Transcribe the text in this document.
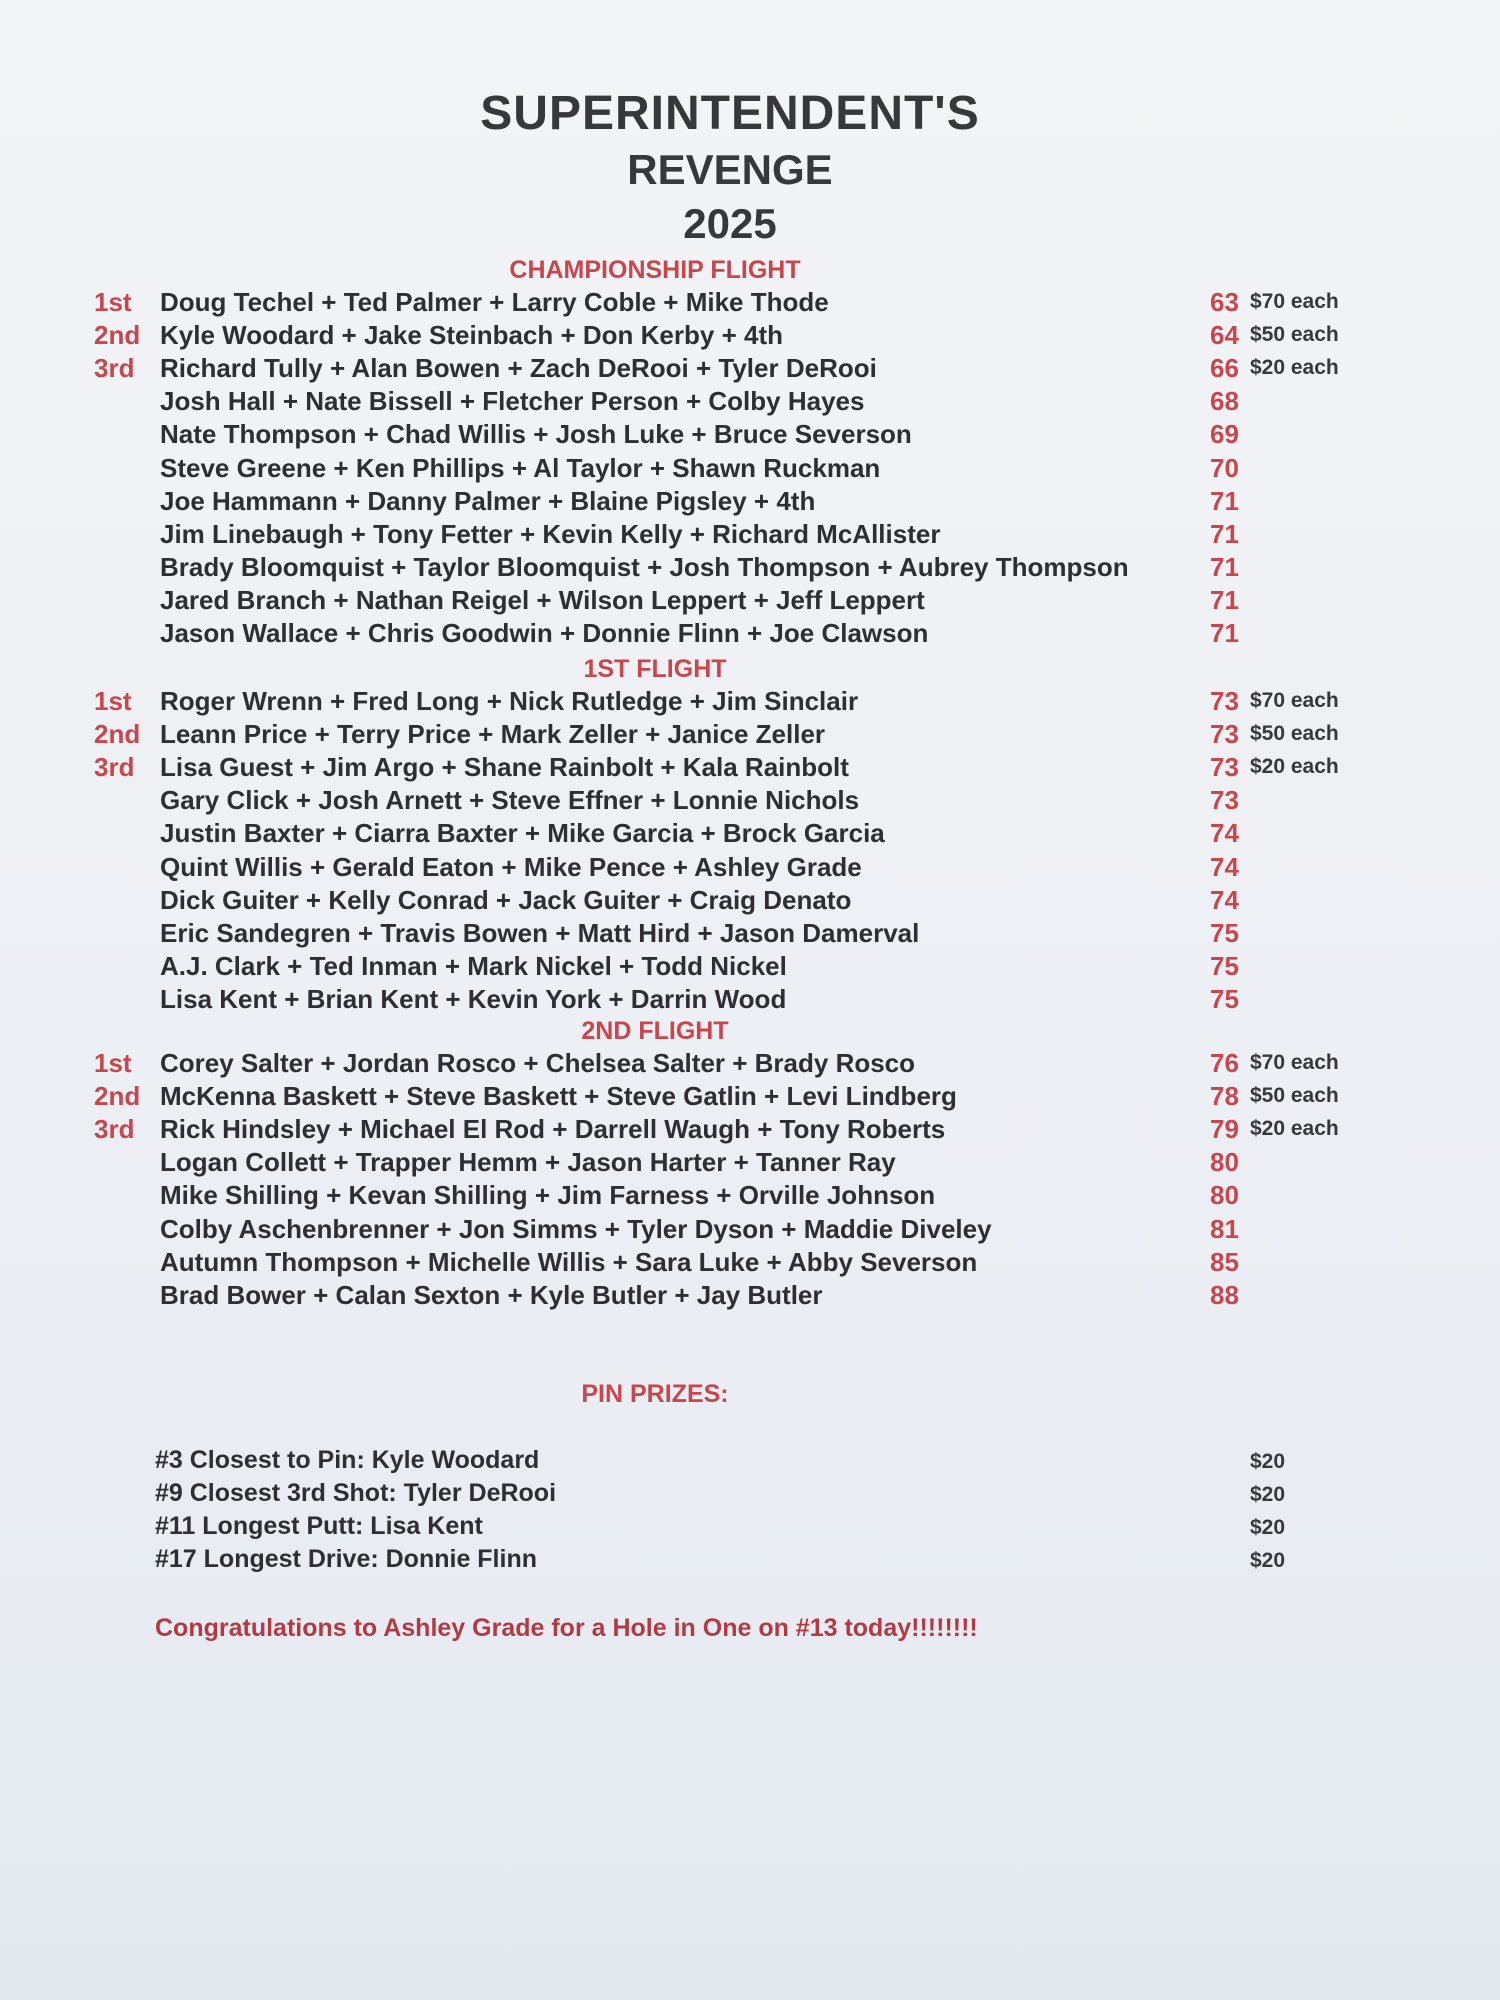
SUPERINTENDENT'S
REVENGE
2025
CHAMPIONSHIP FLIGHT
1st Doug Techel + Ted Palmer + Larry Coble + Mike Thode	63 $70 each
2nd Kyle Woodard + Jake Steinbach + Don Kerby + 4th	64 $50 each
3rd Richard Tully + Alan Bowen + Zach DeRooi + Tyler DeRooi	66 $20 each
Josh Hall + Nate Bissell + Fletcher Person + Colby Hayes	68
Nate Thompson + Chad Willis + Josh Luke + Bruce Severson	69
Steve Greene + Ken Phillips + Al Taylor + Shawn Ruckman	70
Joe Hammann + Danny Palmer + Blaine Pigsley + 4th	71
Jim Linebaugh + Tony Fetter + Kevin Kelly + Richard McAllister	71
Brady Bloomquist + Taylor Bloomquist + Josh Thompson + Aubrey Thompson	71
Jared Branch + Nathan Reigel + Wilson Leppert + Jeff Leppert	71
Jason Wallace + Chris Goodwin + Donnie Flinn + Joe Clawson	71
1ST FLIGHT
1st Roger Wrenn + Fred Long + Nick Rutledge + Jim Sinclair	73 $70 each
2nd Leann Price + Terry Price + Mark Zeller + Janice Zeller	73 $50 each
3rd Lisa Guest + Jim Argo + Shane Rainbolt + Kala Rainbolt	73 $20 each
Gary Click + Josh Arnett + Steve Effner + Lonnie Nichols	73
Justin Baxter + Ciarra Baxter + Mike Garcia + Brock Garcia	74
Quint Willis + Gerald Eaton + Mike Pence + Ashley Grade	74
Dick Guiter + Kelly Conrad + Jack Guiter + Craig Denato	74
Eric Sandegren + Travis Bowen + Matt Hird + Jason Damerval	75
A.J. Clark + Ted Inman + Mark Nickel + Todd Nickel	75
Lisa Kent + Brian Kent + Kevin York + Darrin Wood	75
2ND FLIGHT
1st Corey Salter + Jordan Rosco + Chelsea Salter + Brady Rosco	76 $70 each
2nd McKenna Baskett + Steve Baskett + Steve Gatlin + Levi Lindberg	78 $50 each
3rd Rick Hindsley + Michael El Rod + Darrell Waugh + Tony Roberts	79 $20 each
Logan Collett + Trapper Hemm + Jason Harter + Tanner Ray	80
Mike Shilling + Kevan Shilling + Jim Farness + Orville Johnson	80
Colby Aschenbrenner + Jon Simms + Tyler Dyson + Maddie Diveley	81
Autumn Thompson + Michelle Willis + Sara Luke + Abby Severson	85
Brad Bower + Calan Sexton + Kyle Butler + Jay Butler	88
PIN PRIZES:
#3 Closest to Pin: Kyle Woodard	$20
#9 Closest 3rd Shot: Tyler DeRooi	$20
#11 Longest Putt: Lisa Kent	$20
#17 Longest Drive: Donnie Flinn	$20
Congratulations to Ashley Grade for a Hole in One on #13 today!!!!!!!!
